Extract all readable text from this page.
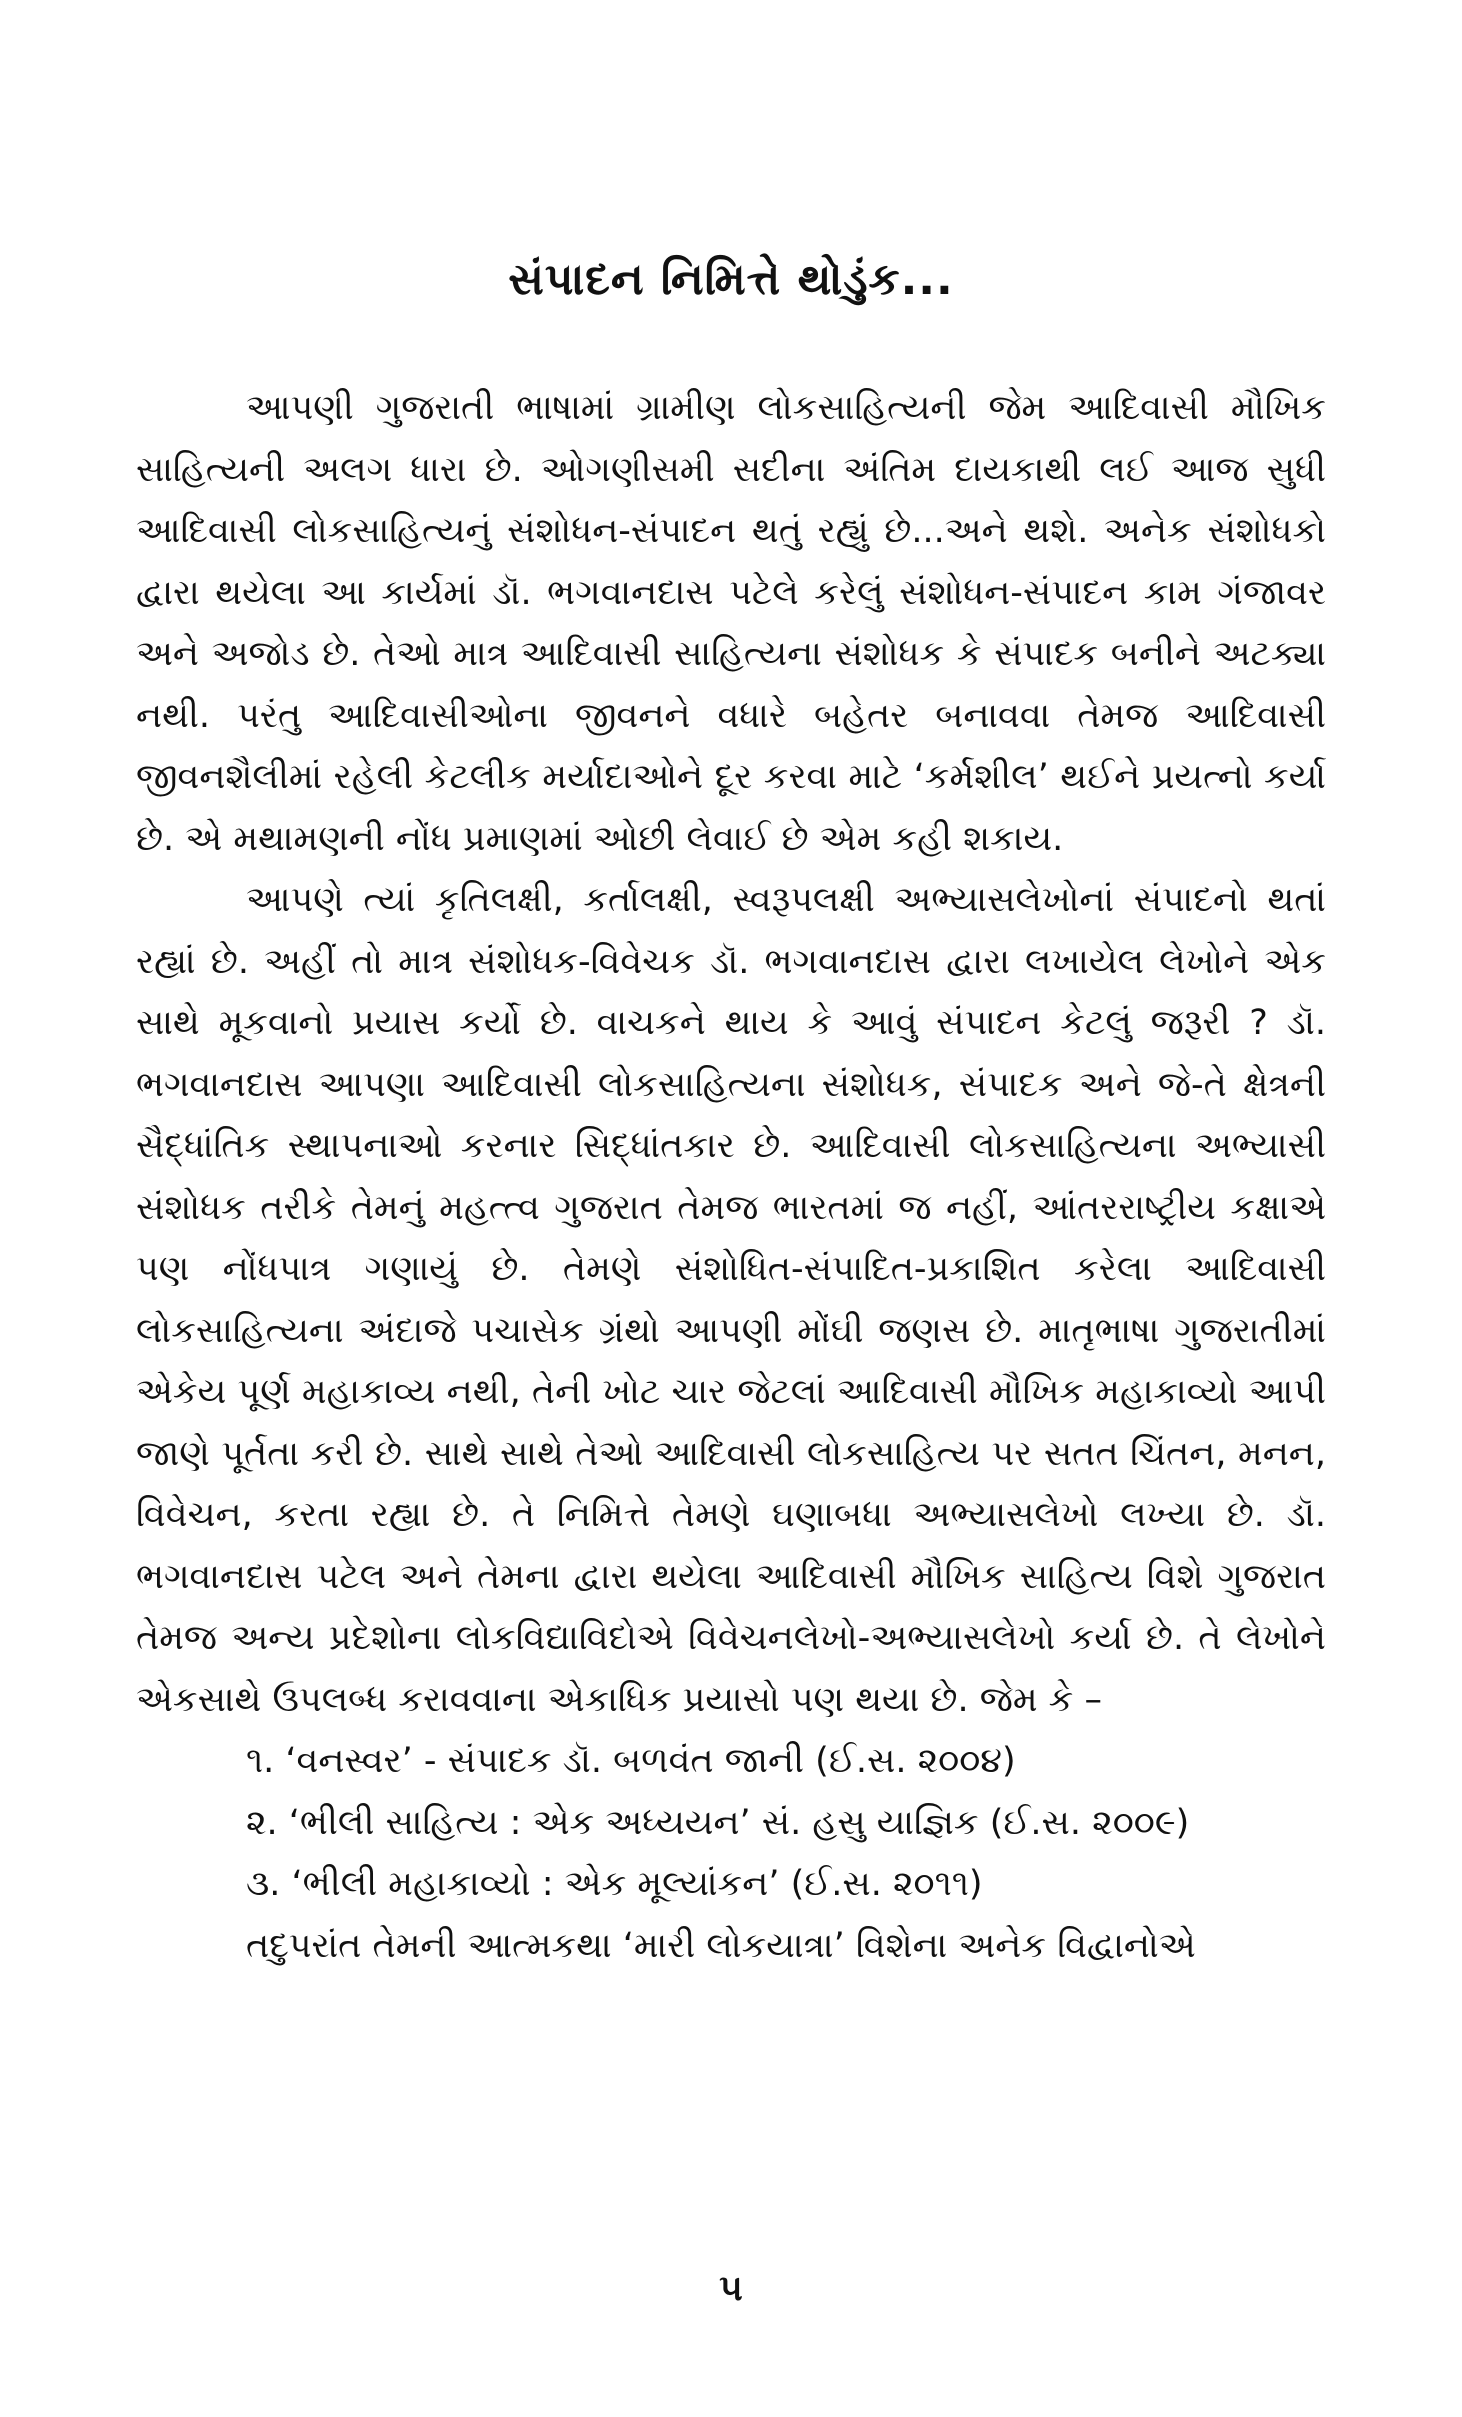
સંપાદન નિમિત્તે થોડુંક...

આપણી ગુજરાતી ભાષામાં ગ્રામીણ લોકસાહિત્યની જેમ આદિવાસી મૌખિક સાહિત્યની અલગ ધારા છે. ઓગણીસમી સદીના અંતિમ દાયકાથી લઈ આજ સુધી આદિવાસી લોકસાહિત્યનું સંશોધન-સંપાદન થતું રહ્યું છે...અને થશે. અનેક સંશોધકો દ્વારા થયેલા આ કાર્યમાં ડૉ. ભગવાનદાસ પટેલે કરેલું સંશોધન-સંપાદન કામ ગંજાવર અને અજોડ છે. તેઓ માત્ર આદિવાસી સાહિત્યના સંશોધક કે સંપાદક બનીને અટક્યા નથી. પરંતુ આદિવાસીઓના જીવનને વધારે બહેતર બનાવવા તેમજ આદિવાસી જીવનશૈલીમાં રહેલી કેટલીક મર્યાદાઓને દૂર કરવા માટે ‘કર્મશીલ’ થઈને પ્રયત્નો કર્યા છે. એ મથામણની નોંધ પ્રમાણમાં ઓછી લેવાઈ છે એમ કહી શકાય.

આપણે ત્યાં કૃતિલક્ષી, કર્તાલક્ષી, સ્વરૂપલક્ષી અભ્યાસલેખોનાં સંપાદનો થતાં રહ્યાં છે. અહીં તો માત્ર સંશોધક-વિવેચક ડૉ. ભગવાનદાસ દ્વારા લખાયેલ લેખોને એક સાથે મૂકવાનો પ્રયાસ કર્યો છે. વાચકને થાય કે આવું સંપાદન કેટલું જરૂરી ? ડૉ. ભગવાનદાસ આપણા આદિવાસી લોકસાહિત્યના સંશોધક, સંપાદક અને જે-તે ક્ષેત્રની સૈદ્ધાંતિક સ્થાપનાઓ કરનાર સિદ્ધાંતકાર છે. આદિવાસી લોકસાહિત્યના અભ્યાસી સંશોધક તરીકે તેમનું મહત્ત્વ ગુજરાત તેમજ ભારતમાં જ નહીં, આંતરરાષ્ટ્રીય કક્ષાએ પણ નોંધપાત્ર ગણાયું છે. તેમણે સંશોધિત-સંપાદિત-પ્રકાશિત કરેલા આદિવાસી લોકસાહિત્યના અંદાજે પચાસેક ગ્રંથો આપણી મોંઘી જણસ છે. માતૃભાષા ગુજરાતીમાં એકેય પૂર્ણ મહાકાવ્ય નથી, તેની ખોટ ચાર જેટલાં આદિવાસી મૌખિક મહાકાવ્યો આપી જાણે પૂર્તતા કરી છે. સાથે સાથે તેઓ આદિવાસી લોકસાહિત્ય પર સતત ચિંતન, મનન, વિવેચન, કરતા રહ્યા છે. તે નિમિત્તે તેમણે ઘણાબધા અભ્યાસલેખો લખ્યા છે. ડૉ. ભગવાનદાસ પટેલ અને તેમના દ્વારા થયેલા આદિવાસી મૌખિક સાહિત્ય વિશે ગુજરાત તેમજ અન્ય પ્રદેશોના લોકવિદ્યાવિદોએ વિવેચનલેખો-અભ્યાસલેખો કર્યા છે. તે લેખોને એકસાથે ઉપલબ્ધ કરાવવાના એકાધિક પ્રયાસો પણ થયા છે. જેમ કે –

૧. ‘વનસ્વર’ - સંપાદક ડૉ. બળવંત જાની (ઈ.સ. ૨૦૦૪)
૨. ‘ભીલી સાહિત્ય : એક અધ્યયન’ સં. હસુ યાજ્ઞિક (ઈ.સ. ૨૦૦૯)
૩. ‘ભીલી મહાકાવ્યો : એક મૂલ્યાંકન’ (ઈ.સ. ૨૦૧૧)

તદુપરાંત તેમની આત્મકથા ‘મારી લોકયાત્રા’ વિશેના અનેક વિદ્વાનોએ

૫
